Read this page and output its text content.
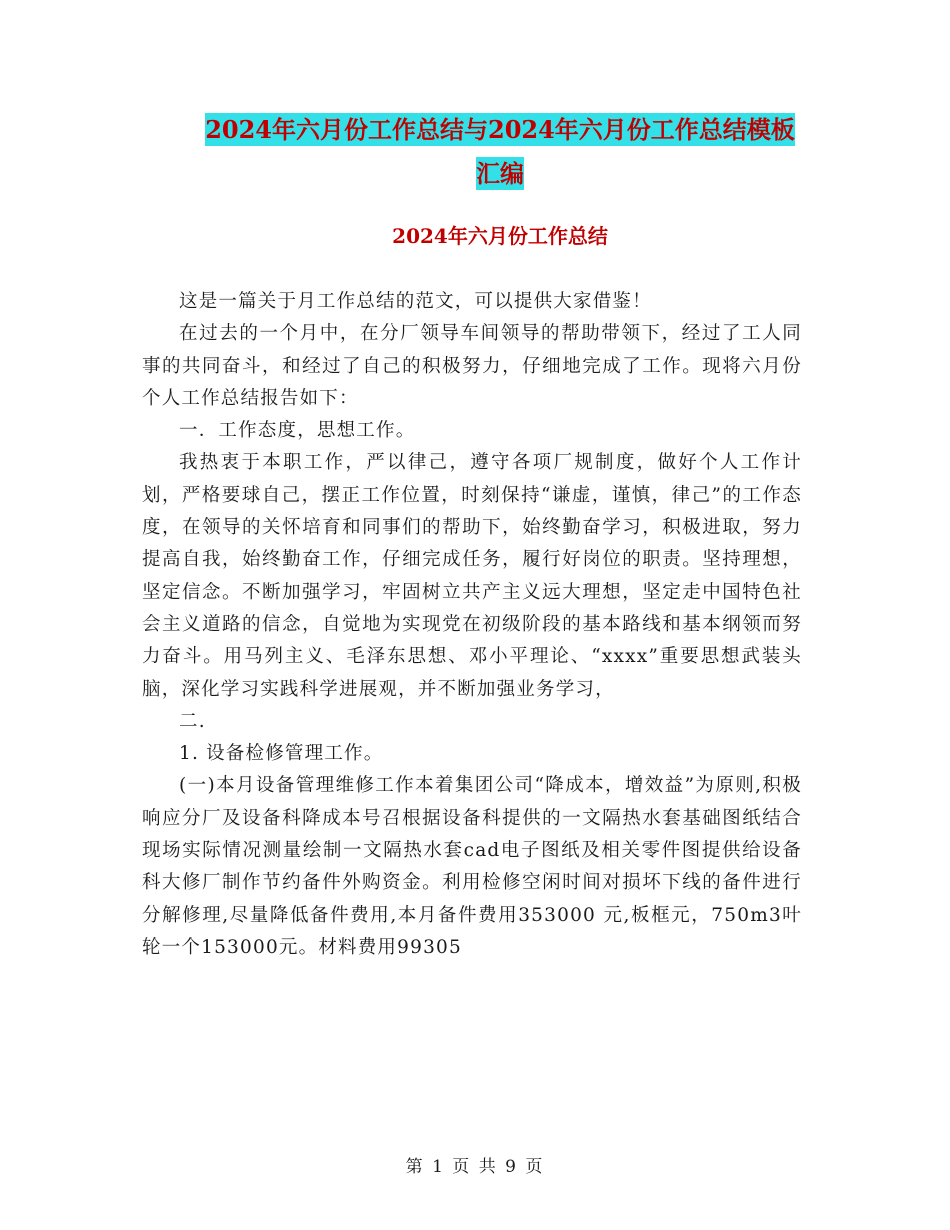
2024年六月份工作总结与2024年六月份工作总结模板
汇编
2024年六月份工作总结

这是一篇关于月工作总结的范文，可以提供大家借鉴！

在过去的一个月中，在分厂领导车间领导的帮助带领下，经过了工人同事的共同奋斗，和经过了自己的积极努力，仔细地完成了工作。现将六月份个人工作总结报告如下：

一．工作态度，思想工作。

我热衷于本职工作，严以律己，遵守各项厂规制度，做好个人工作计划，严格要球自己，摆正工作位置，时刻保持“谦虚，谨慎，律己”的工作态度，在领导的关怀培育和同事们的帮助下，始终勤奋学习，积极进取，努力提高自我，始终勤奋工作，仔细完成任务，履行好岗位的职责。坚持理想，坚定信念。不断加强学习，牢固树立共产主义远大理想，坚定走中国特色社会主义道路的信念，自觉地为实现党在初级阶段的基本路线和基本纲领而努力奋斗。用马列主义、毛泽东思想、邓小平理论、“xxxx”重要思想武装头脑，深化学习实践科学进展观，并不断加强业务学习，

二.

1. 设备检修管理工作。

(一)本月设备管理维修工作本着集团公司“降成本，增效益”为原则,积极响应分厂及设备科降成本号召根据设备科提供的一文隔热水套基础图纸结合现场实际情况测量绘制一文隔热水套cad电子图纸及相关零件图提供给设备科大修厂制作节约备件外购资金。利用检修空闲时间对损坏下线的备件进行分解修理,尽量降低备件费用,本月备件费用353000 元,板框元，750m3叶轮一个153000元。材料费用99305

第 1 页 共 9 页
